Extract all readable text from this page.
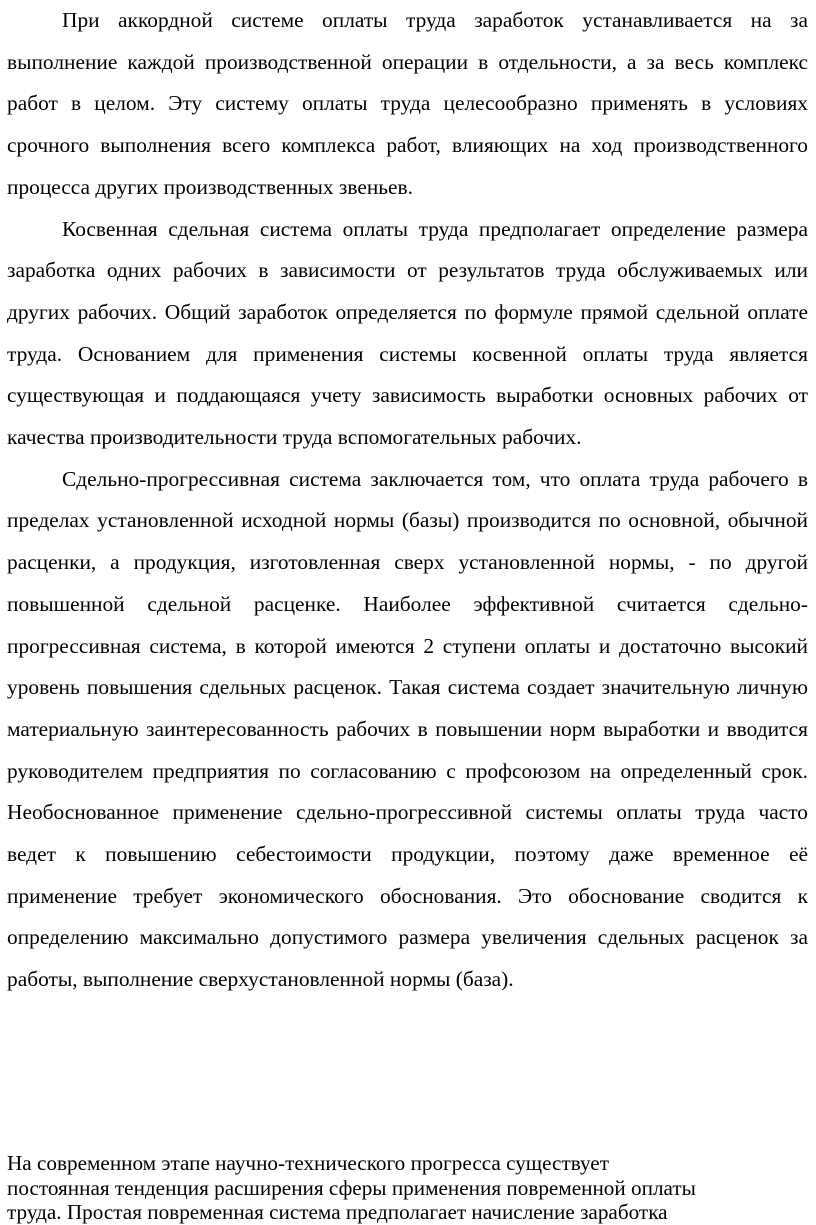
При аккордной системе оплаты труда заработок устанавливается на за выполнение каждой производственной операции в отдельности, а за весь комплекс работ в целом. Эту систему оплаты труда целесообразно применять в условиях срочного выполнения всего комплекса работ, влияющих на ход производственного процесса других производственных звеньев.

Косвенная сдельная система оплаты труда предполагает определение размера заработка одних рабочих в зависимости от результатов труда обслуживаемых или других рабочих. Общий заработок определяется по формуле прямой сдельной оплате труда. Основанием для применения системы косвенной оплаты труда является существующая и поддающаяся учету зависимость выработки основных рабочих от качества производительности труда вспомогательных рабочих.

Сдельно-прогрессивная система заключается том, что оплата труда рабочего в пределах установленной исходной нормы (базы) производится по основной, обычной расценки, а продукция, изготовленная сверх установленной нормы, - по другой повышенной сдельной расценке. Наиболее эффективной считается сдельно-прогрессивная система, в которой имеются 2 ступени оплаты и достаточно высокий уровень повышения сдельных расценок. Такая система создает значительную личную материальную заинтересованность рабочих в повышении норм выработки и вводится руководителем предприятия по согласованию с профсоюзом на определенный срок. Необоснованное применение сдельно-прогрессивной системы оплаты труда часто ведет к повышению себестоимости продукции, поэтому даже временное её применение требует экономического обоснования. Это обоснование сводится к определению максимально допустимого размера увеличения сдельных расценок за работы, выполнение сверхустановленной нормы (база).

На современном этапе научно-технического прогресса существует
постоянная тенденция расширения сферы применения повременной оплаты
труда. Простая повременная система предполагает начисление заработка
